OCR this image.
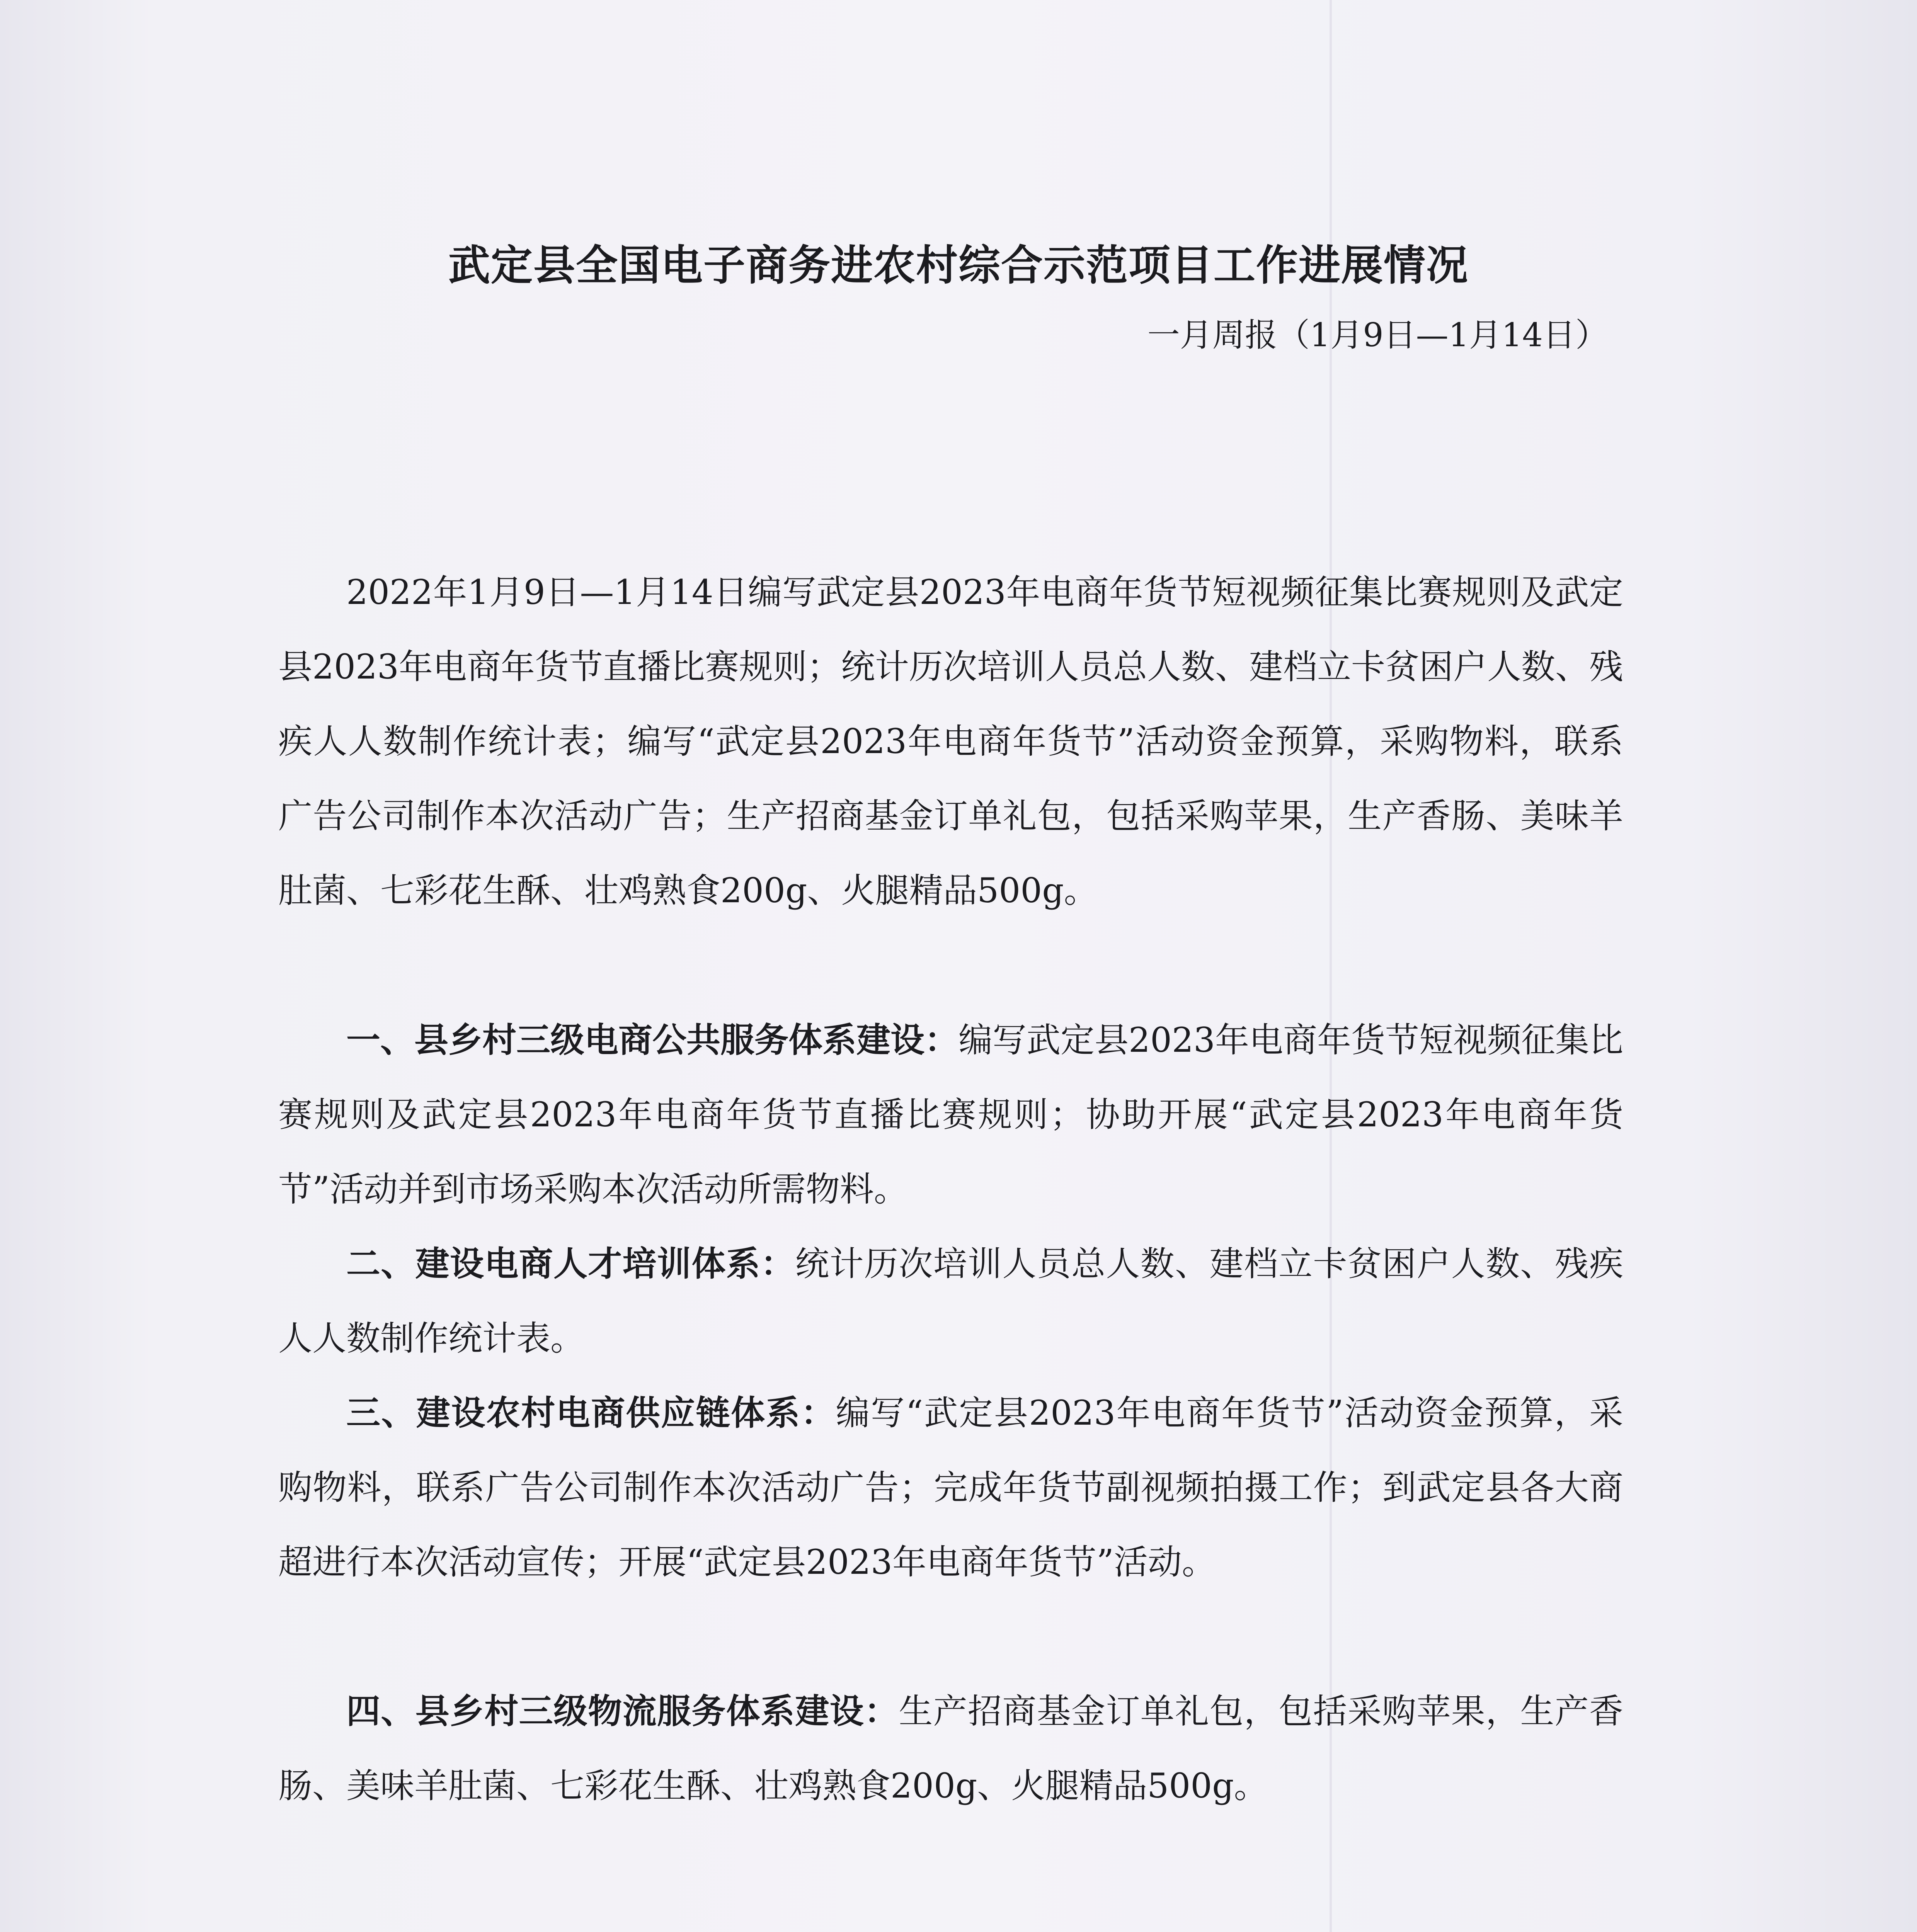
武定县全国电子商务进农村综合示范项目工作进展情况

一月周报（1月9日—1月14日）

2022年1月9日—1月14日编写武定县2023年电商年货节短视频征集比赛规则及武定县2023年电商年货节直播比赛规则；统计历次培训人员总人数、建档立卡贫困户人数、残疾人人数制作统计表；编写“武定县2023年电商年货节”活动资金预算，采购物料，联系广告公司制作本次活动广告；生产招商基金订单礼包，包括采购苹果，生产香肠、美味羊肚菌、七彩花生酥、壮鸡熟食200g、火腿精品500g。

一、县乡村三级电商公共服务体系建设：编写武定县2023年电商年货节短视频征集比赛规则及武定县2023年电商年货节直播比赛规则；协助开展“武定县2023年电商年货节”活动并到市场采购本次活动所需物料。

二、建设电商人才培训体系：统计历次培训人员总人数、建档立卡贫困户人数、残疾人人数制作统计表。

三、建设农村电商供应链体系：编写“武定县2023年电商年货节”活动资金预算，采购物料，联系广告公司制作本次活动广告；完成年货节副视频拍摄工作；到武定县各大商超进行本次活动宣传；开展“武定县2023年电商年货节”活动。

四、县乡村三级物流服务体系建设：生产招商基金订单礼包，包括采购苹果，生产香肠、美味羊肚菌、七彩花生酥、壮鸡熟食200g、火腿精品500g。
